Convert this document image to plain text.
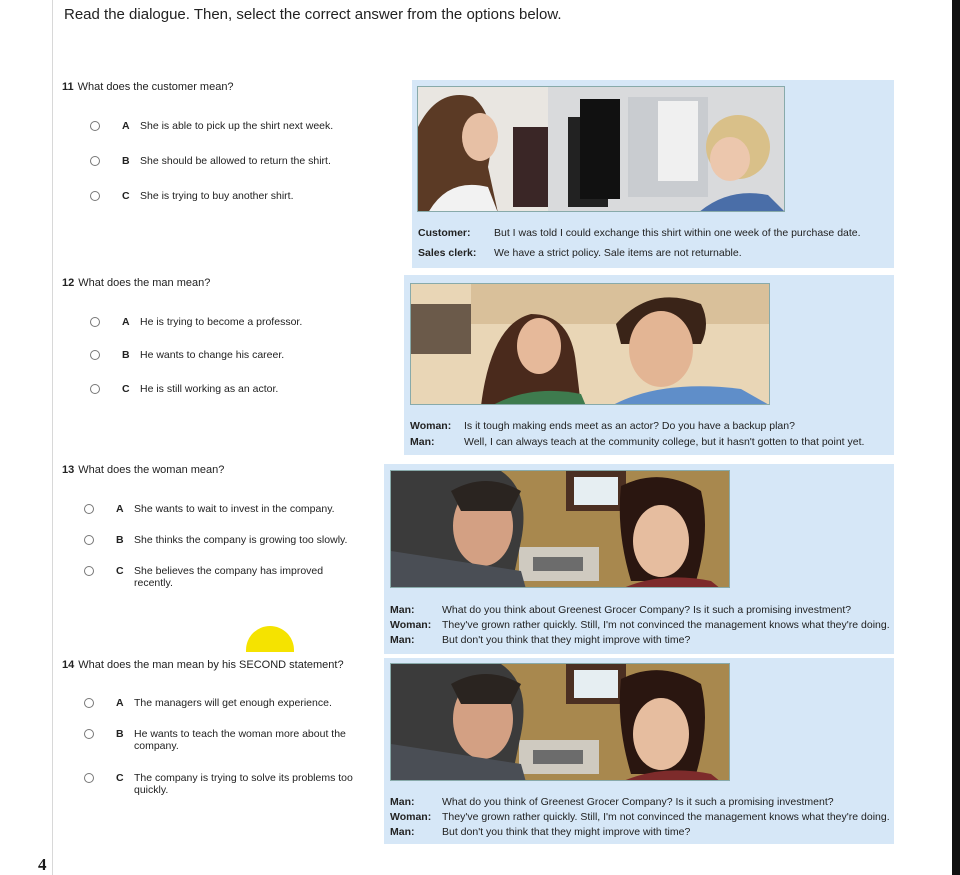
Read the dialogue. Then, select the correct answer from the options below.
11 What does the customer mean?
A She is able to pick up the shirt next week.
B She should be allowed to return the shirt.
C She is trying to buy another shirt.
Customer: But I was told I could exchange this shirt within one week of the purchase date.
Sales clerk: We have a strict policy. Sale items are not returnable.
12 What does the man mean?
A He is trying to become a professor.
B He wants to change his career.
C He is still working as an actor.
Woman: Is it tough making ends meet as an actor? Do you have a backup plan?
Man:	Well, I can always teach at the community college, but it hasn't gotten to that point yet.
13 What does the woman mean?
A She wants to wait to invest in the company.
B She thinks the company is growing too slowly.
C She believes the company has improved recently.
Man:	What do you think about Greenest Grocer Company? Is it such a promising investment?
Woman: They've grown rather quickly. Still, I'm not convinced the management knows what they're doing.
Man:	But don't you think that they might improve with time?
14 What does the man mean by his SECOND statement?
A The managers will get enough experience.
B He wants to teach the woman more about the company.
C The company is trying to solve its problems too quickly.
Man:	What do you think of Greenest Grocer Company? Is it such a promising investment?
Woman: They've grown rather quickly. Still, I'm not convinced the management knows what they're doing.
Man:	But don't you think that they might improve with time?
4
